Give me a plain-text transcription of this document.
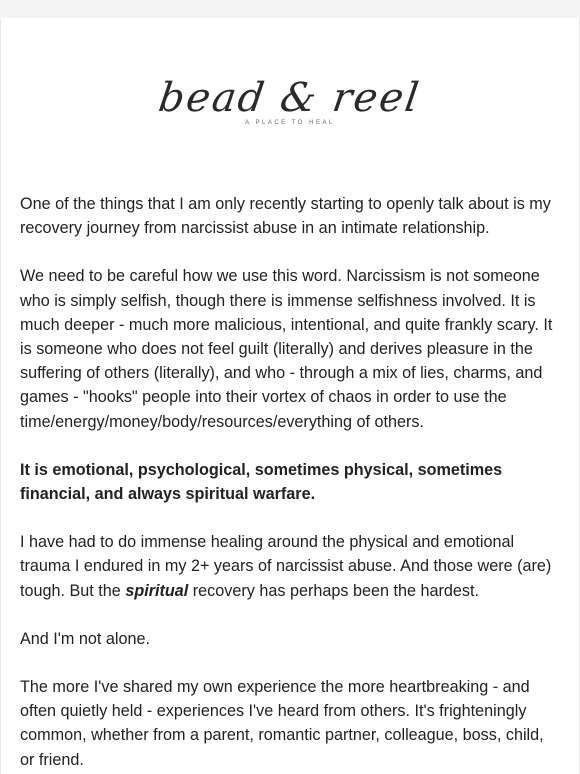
bead & reel
A PLACE TO HEAL

One of the things that I am only recently starting to openly talk about is my recovery journey from narcissist abuse in an intimate relationship.

We need to be careful how we use this word. Narcissism is not someone who is simply selfish, though there is immense selfishness involved. It is much deeper - much more malicious, intentional, and quite frankly scary. It is someone who does not feel guilt (literally) and derives pleasure in the suffering of others (literally), and who - through a mix of lies, charms, and games - "hooks" people into their vortex of chaos in order to use the time/energy/money/body/resources/everything of others.

It is emotional, psychological, sometimes physical, sometimes financial, and always spiritual warfare.

I have had to do immense healing around the physical and emotional trauma I endured in my 2+ years of narcissist abuse. And those were (are) tough. But the spiritual recovery has perhaps been the hardest.

And I'm not alone.

The more I've shared my own experience the more heartbreaking - and often quietly held - experiences I've heard from others. It's frighteningly common, whether from a parent, romantic partner, colleague, boss, child, or friend.
